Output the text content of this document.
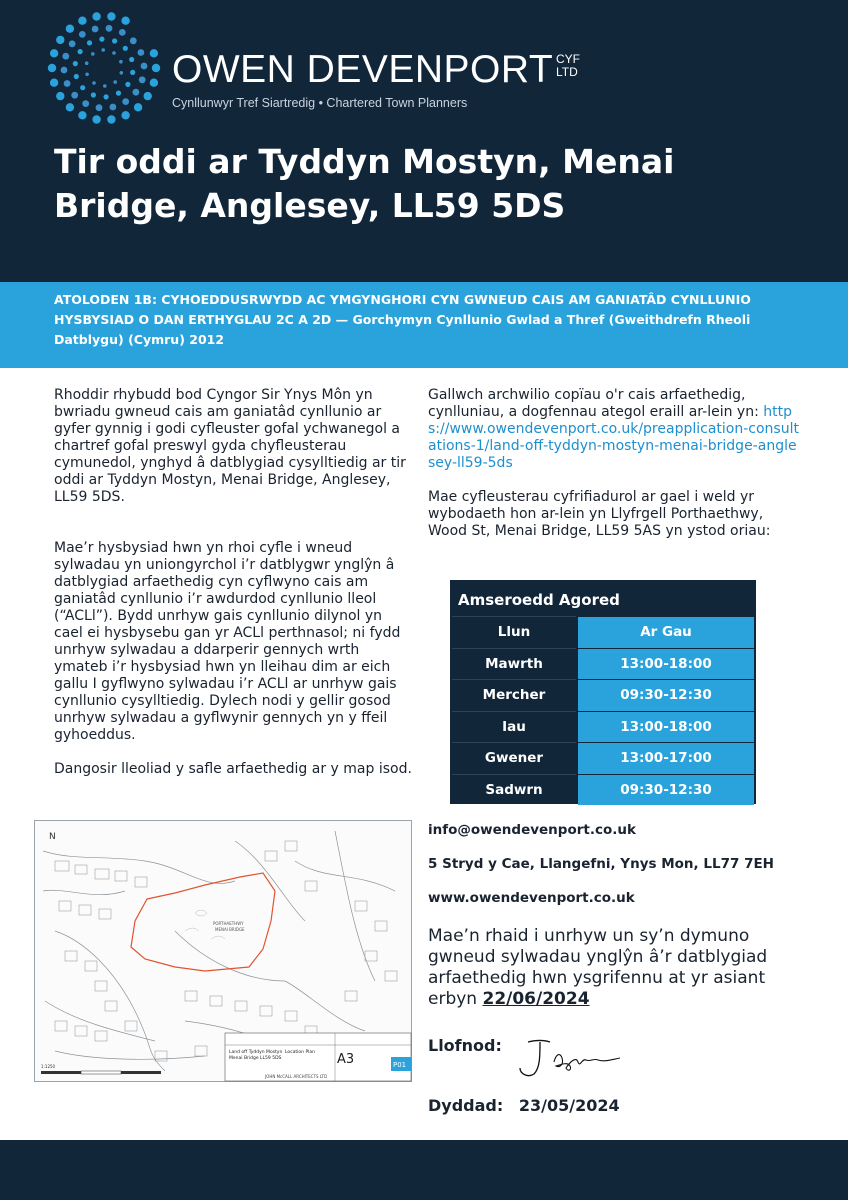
OWEN DEVENPORT CYF
LTD
Cynllunwyr Tref Siartredig • Chartered Town Planners
Tir oddi ar Tyddyn Mostyn, Menai Bridge, Anglesey, LL59 5DS
ATOLODEN 1B: CYHOEDDUSRWYDD AC YMGYNGHORI CYN GWNEUD CAIS AM GANIATÂD CYNLLUNIO HYSBYSIAD O DAN ERTHYGLAU 2C A 2D — Gorchymyn Cynllunio Gwlad a Thref (Gweithdrefn Rheoli Datblygu) (Cymru) 2012

Rhoddir rhybudd bod Cyngor Sir Ynys Môn yn bwriadu gwneud cais am ganiatâd cynllunio ar gyfer gynnig i godi cyfleuster gofal ychwanegol a chartref gofal preswyl gyda chyfleusterau cymunedol, ynghyd â datblygiad cysylltiedig ar tir oddi ar Tyddyn Mostyn, Menai Bridge, Anglesey, LL59 5DS.

Mae’r hysbysiad hwn yn rhoi cyfle i wneud sylwadau yn uniongyrchol i’r datblygwr ynglŷn â datblygiad arfaethedig cyn cyflwyno cais am ganiatâd cynllunio i’r awdurdod cynllunio lleol (“ACLl”). Bydd unrhyw gais cynllunio dilynol yn cael ei hysbysebu gan yr ACLl perthnasol; ni fydd unrhyw sylwadau a ddarperir gennych wrth ymateb i’r hysbysiad hwn yn lleihau dim ar eich gallu I gyflwyno sylwadau i’r ACLl ar unrhyw gais cynllunio cysylltiedig. Dylech nodi y gellir gosod unrhyw sylwadau a gyflwynir gennych yn y ffeil gyhoeddus.

Dangosir lleoliad y safle arfaethedig ar y map isod.

Gallwch archwilio copïau o'r cais arfaethedig, cynlluniau, a dogfennau ategol eraill ar-lein yn: https://www.owendevenport.co.uk/preapplication-consultations-1/land-off-tyddyn-mostyn-menai-bridge-anglesey-ll59-5ds

Mae cyfleusterau cyfrifiadurol ar gael i weld yr wybodaeth hon ar-lein yn Llyfrgell Porthaethwy, Wood St, Menai Bridge, LL59 5AS yn ystod oriau:

Amseroedd Agored
Llun	Ar Gau
Mawrth	13:00-18:00
Mercher	09:30-12:30
Iau	13:00-18:00
Gwener	13:00-17:00
Sadwrn	09:30-12:30
N
PORTHAETHWY
MENAI BRIDGE
1:1250
Land off Tyddyn Mostyn
Menai Bridge LL59 5DS
Location Plan A3	P01
JOHN McCALL ARCHITECTS LTD
info@owendevenport.co.uk
5 Stryd y Cae, Llangefni, Ynys Mon, LL77 7EH
www.owendevenport.co.uk
Mae’n rhaid i unrhyw un sy’n dymuno gwneud sylwadau ynglŷn â’r datblygiad arfaethedig hwn ysgrifennu at yr asiant erbyn 22/06/2024
Llofnod:
Dyddad: 23/05/2024
